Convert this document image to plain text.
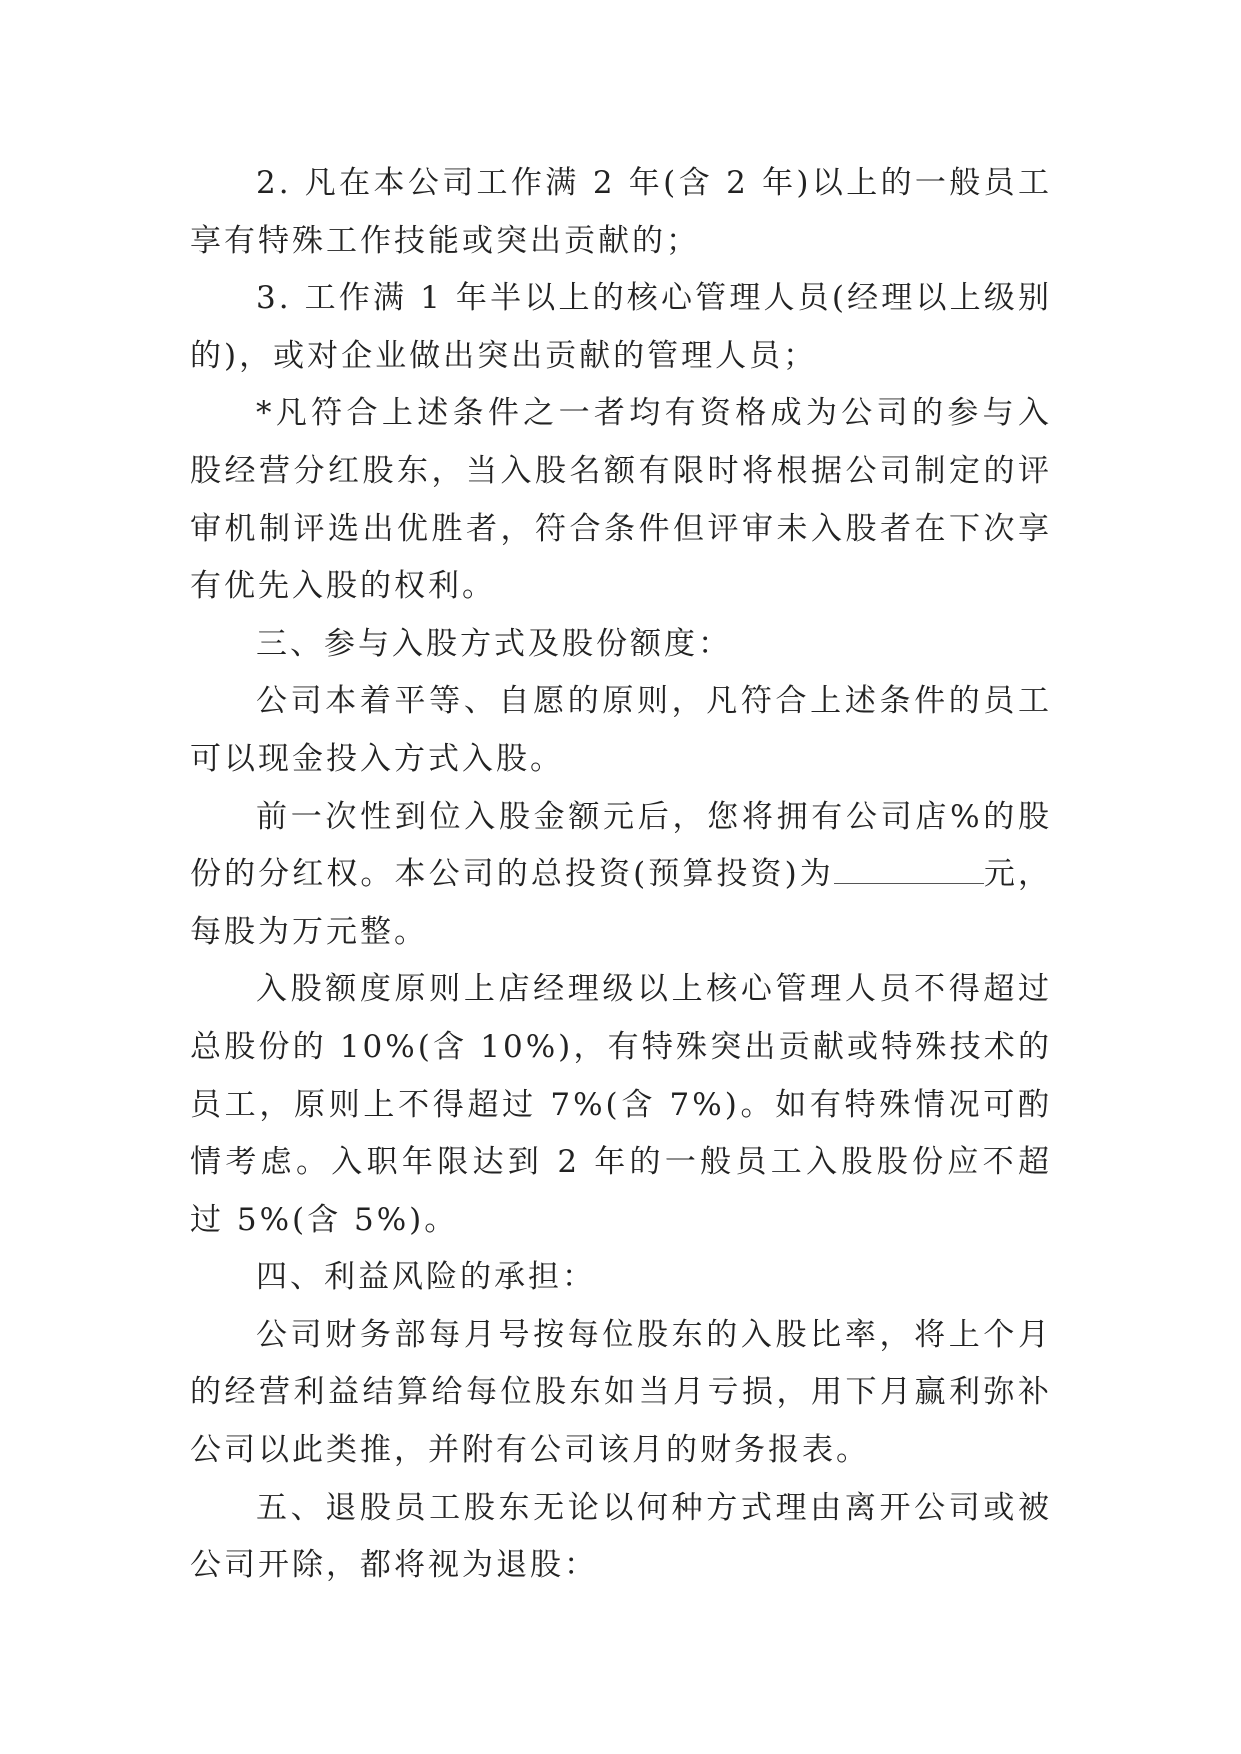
2. 凡在本公司工作满 2 年(含 2 年)以上的一般员工享有特殊工作技能或突出贡献的；

3. 工作满 1 年半以上的核心管理人员(经理以上级别的)，或对企业做出突出贡献的管理人员；

*凡符合上述条件之一者均有资格成为公司的参与入股经营分红股东，当入股名额有限时将根据公司制定的评审机制评选出优胜者，符合条件但评审未入股者在下次享有优先入股的权利。

三、参与入股方式及股份额度：

公司本着平等、自愿的原则，凡符合上述条件的员工可以现金投入方式入股。

前一次性到位入股金额元后，您将拥有公司店%的股份的分红权。本公司的总投资(预算投资)为	元，每股为万元整。

入股额度原则上店经理级以上核心管理人员不得超过总股份的 10%(含 10%)，有特殊突出贡献或特殊技术的员工，原则上不得超过 7%(含 7%)。如有特殊情况可酌情考虑。入职年限达到 2 年的一般员工入股股份应不超过 5%(含 5%)。

四、利益风险的承担：

公司财务部每月号按每位股东的入股比率，将上个月的经营利益结算给每位股东如当月亏损，用下月赢利弥补公司以此类推，并附有公司该月的财务报表。

五、退股员工股东无论以何种方式理由离开公司或被公司开除，都将视为退股：
